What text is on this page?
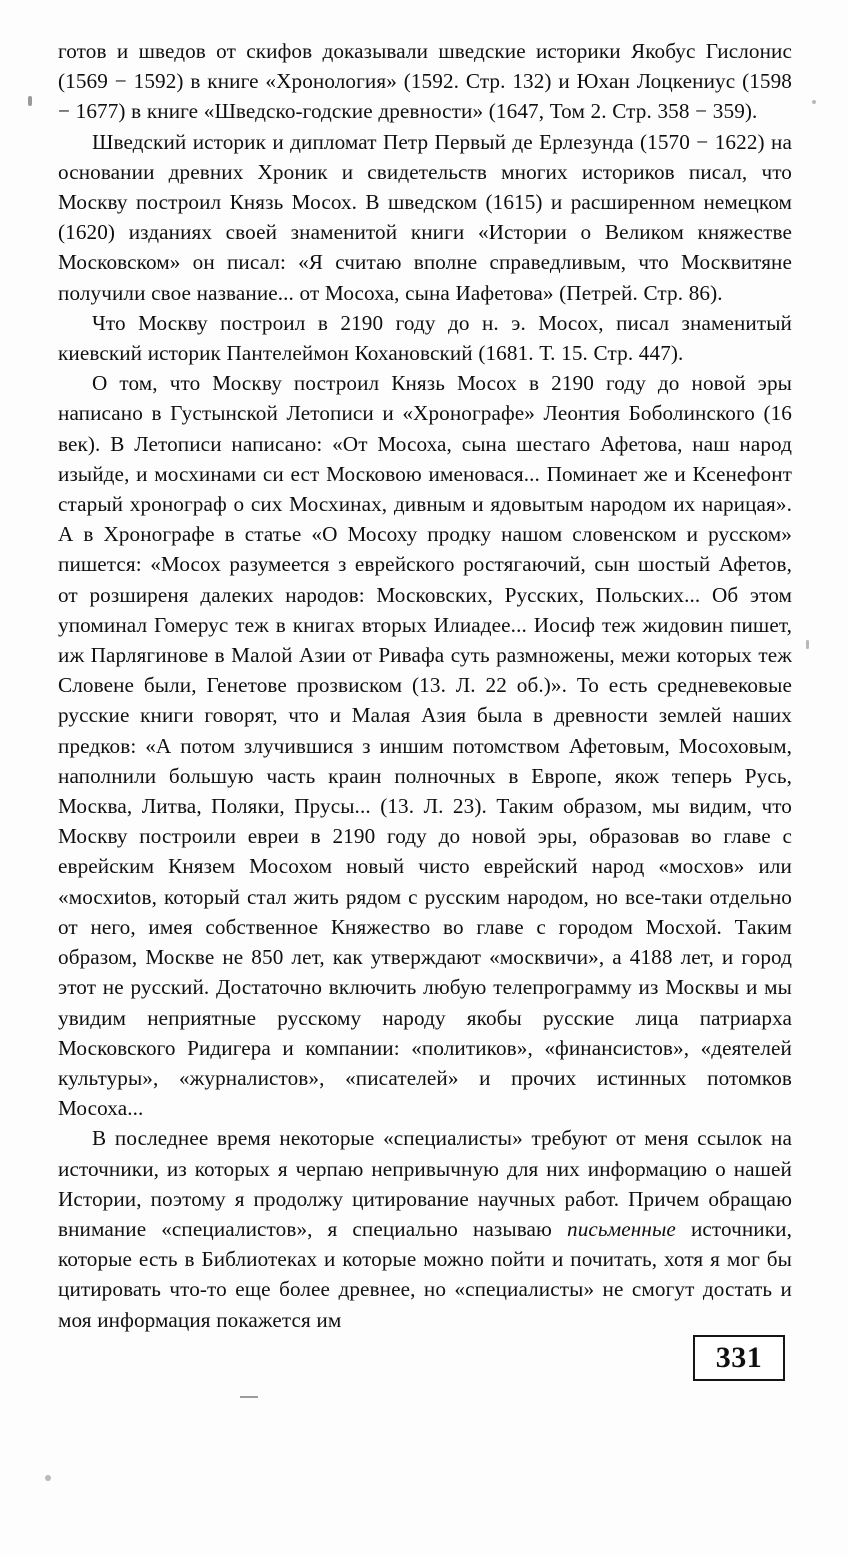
готов и шведов от скифов доказывали шведские историки Якобус Гислонис (1569 − 1592) в книге «Хронология» (1592. Стр. 132) и Юхан Лоцкениус (1598 − 1677) в книге «Шведско-годские древности» (1647, Том 2. Стр. 358 − 359).

Шведский историк и дипломат Петр Первый де Ерлезунда (1570 − 1622) на основании древних Хроник и свидетельств многих историков писал, что Москву построил Князь Мосох. В шведском (1615) и расширенном немецком (1620) изданиях своей знаменитой книги «Истории о Великом княжестве Московском» он писал: «Я считаю вполне справедливым, что Москвитяне получили свое название... от Мосоха, сына Иафетова» (Петрей. Стр. 86).

Что Москву построил в 2190 году до н. э. Мосох, писал знаменитый киевский историк Пантелеймон Кохановский (1681. Т. 15. Стр. 447).

О том, что Москву построил Князь Мосох в 2190 году до новой эры написано в Густынской Летописи и «Хронографе» Леонтия Боболинского (16 век). В Летописи написано: «От Мосоха, сына шестаго Афетова, наш народ изыйде, и мосхинами си ест Московою именовася... Поминает же и Ксенефонт старый хронограф о сих Мосхинах, дивным и ядовытым народом их нарицая». А в Хронографе в статье «О Мосоху продку нашом словенском и русском» пишется: «Мосох разумеется з еврейского ростягаючий, сын шостый Афетов, от розширеня далеких народов: Московских, Русских, Польских... Об этом упоминал Гомерус теж в книгах вторых Илиадее... Иосиф теж жидовин пишет, иж Парлягинове в Малой Азии от Ривафа суть размножены, межи которых теж Словене были, Генетове прозвиском (13. Л. 22 об.)». То есть средневековые русские книги говорят, что и Малая Азия была в древности землей наших предков: «А потом злучившися з иншим потомством Афетовым, Мосоховым, наполнили большую часть краин полночных в Европе, якож теперь Русь, Москва, Литва, Поляки, Прусы... (13. Л. 23). Таким образом, мы видим, что Москву построили евреи в 2190 году до новой эры, образовав во главе с еврейским Князем Мосохом новый чисто еврейский народ «мосхов» или «мосхиtов, который стал жить рядом с русским народом, но все-таки отдельно от него, имея собственное Княжество во главе с городом Мосхой. Таким образом, Москве не 850 лет, как утверждают «москвичи», а 4188 лет, и город этот не русский. Достаточно включить любую телепрограмму из Москвы и мы увидим неприятные русскому народу якобы русские лица патриарха Московского Ридигера и компании: «политиков», «финансистов», «деятелей культуры», «журналистов», «писателей» и прочих истинных потомков Мосоха...

В последнее время некоторые «специалисты» требуют от меня ссылок на источники, из которых я черпаю непривычную для них информацию о нашей Истории, поэтому я продолжу цитирование научных работ. Причем обращаю внимание «специалистов», я специально называю письменные источники, которые есть в Библиотеках и которые можно пойти и почитать, хотя я мог бы цитировать что-то еще более древнее, но «специалисты» не смогут достать и моя информация покажется им

331
